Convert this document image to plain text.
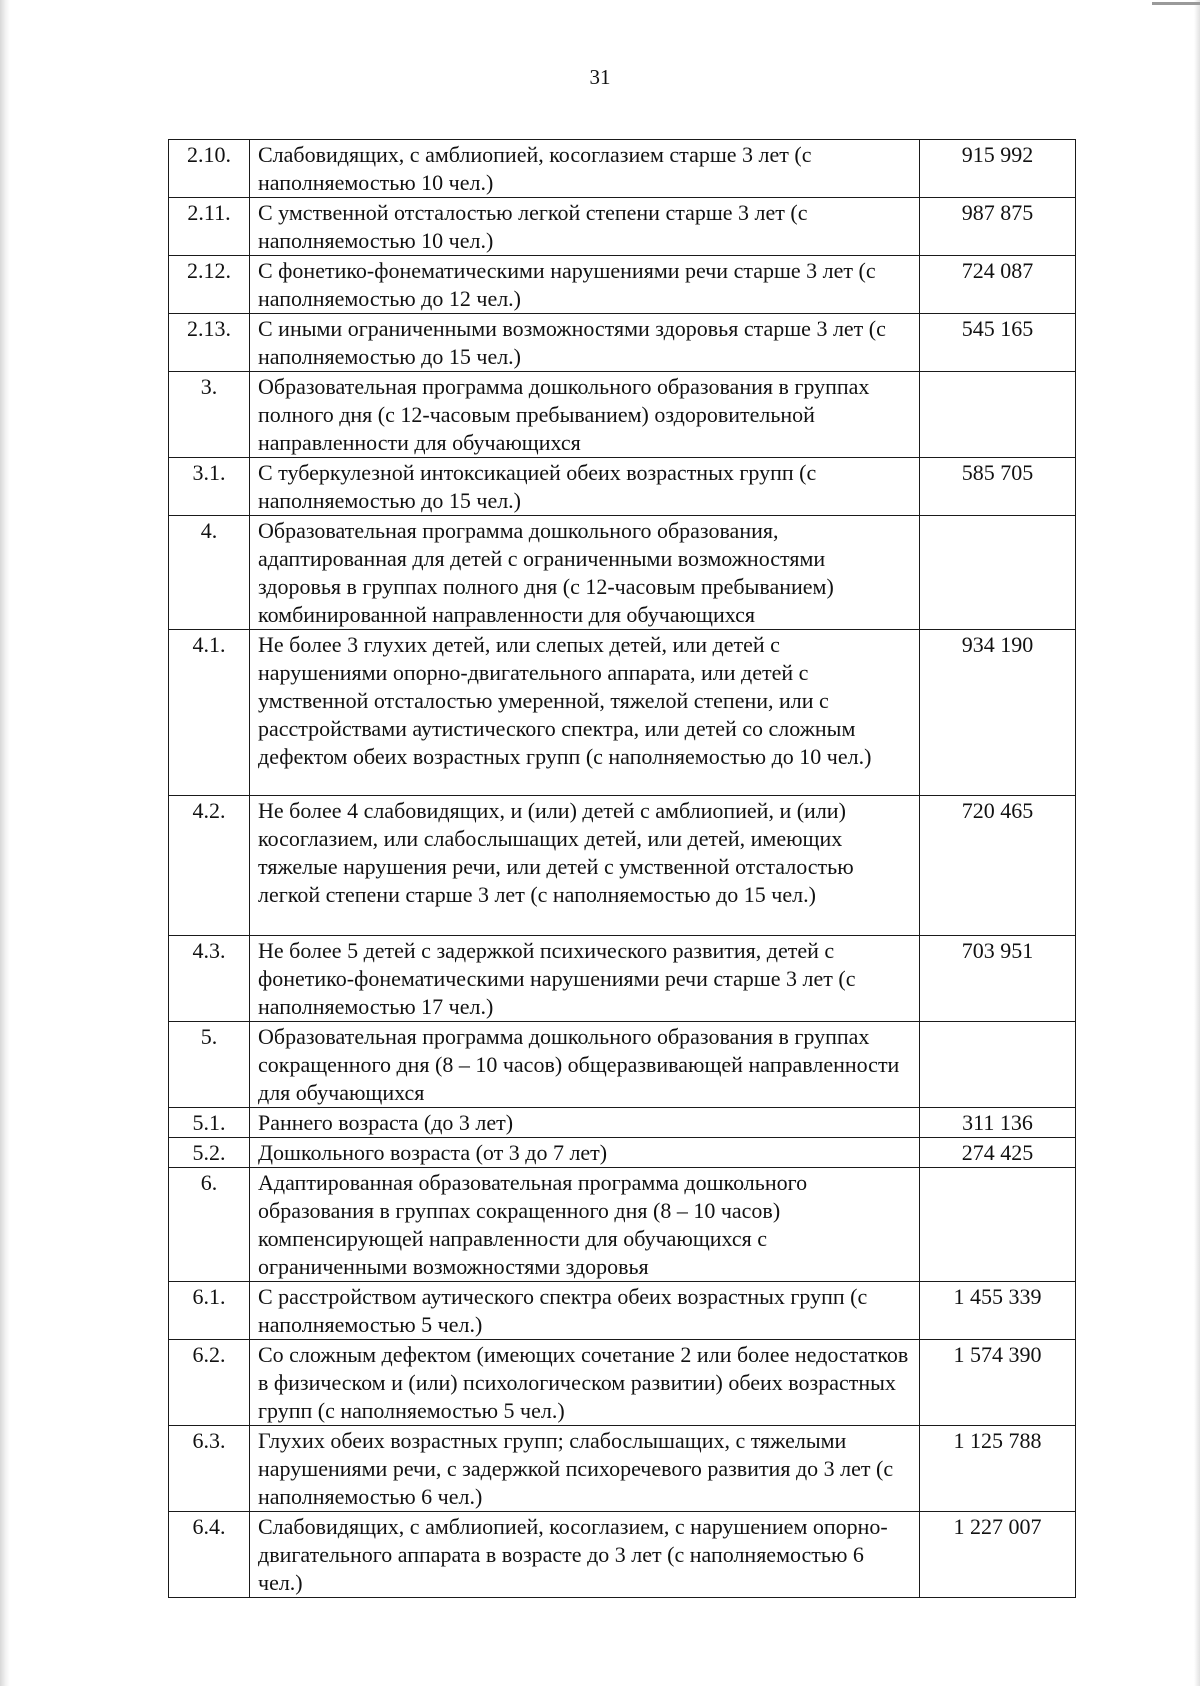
31
2.10.	Слабовидящих, с амблиопией, косоглазием старше 3 лет (с наполняемостью 10 чел.)	915 992
2.11.	С умственной отсталостью легкой степени старше 3 лет (с наполняемостью 10 чел.)	987 875
2.12.	С фонетико-фонематическими нарушениями речи старше 3 лет (с наполняемостью до 12 чел.)	724 087
2.13.	С иными ограниченными возможностями здоровья старше 3 лет (с наполняемостью до 15 чел.)	545 165
3.	Образовательная программа дошкольного образования в группах полного дня (с 12-часовым пребыванием) оздоровительной направленности для обучающихся	
3.1.	С туберкулезной интоксикацией обеих возрастных групп (с наполняемостью до 15 чел.)	585 705
4.	Образовательная программа дошкольного образования, адаптированная для детей с ограниченными возможностями здоровья в группах полного дня (с 12-часовым пребыванием) комбинированной направленности для обучающихся	
4.1.	Не более 3 глухих детей, или слепых детей, или детей с нарушениями опорно-двигательного аппарата, или детей с умственной отсталостью умеренной, тяжелой степени, или с расстройствами аутистического спектра, или детей со сложным дефектом обеих возрастных групп (с наполняемостью до 10 чел.)	934 190
4.2.	Не более 4 слабовидящих, и (или) детей с амблиопией, и (или) косоглазием, или слабослышащих детей, или детей, имеющих тяжелые нарушения речи, или детей с умственной отсталостью легкой степени старше 3 лет (с наполняемостью до 15 чел.)	720 465
4.3.	Не более 5 детей с задержкой психического развития, детей с фонетико-фонематическими нарушениями речи старше 3 лет (с наполняемостью 17 чел.)	703 951
5.	Образовательная программа дошкольного образования в группах сокращенного дня (8 – 10 часов) общеразвивающей направленности для обучающихся	
5.1.	Раннего возраста (до 3 лет)	311 136
5.2.	Дошкольного возраста (от 3 до 7 лет)	274 425
6.	Адаптированная образовательная программа дошкольного образования в группах сокращенного дня (8 – 10 часов) компенсирующей направленности для обучающихся с ограниченными возможностями здоровья	
6.1.	С расстройством аутического спектра обеих возрастных групп (с наполняемостью 5 чел.)	1 455 339
6.2.	Со сложным дефектом (имеющих сочетание 2 или более недостатков в физическом и (или) психологическом развитии) обеих возрастных групп (с наполняемостью 5 чел.)	1 574 390
6.3.	Глухих обеих возрастных групп; слабослышащих, с тяжелыми нарушениями речи, с задержкой психоречевого развития до 3 лет (с наполняемостью 6 чел.)	1 125 788
6.4.	Слабовидящих, с амблиопией, косоглазием, с нарушением опорно-двигательного аппарата в возрасте до 3 лет (с наполняемостью 6 чел.)	1 227 007
